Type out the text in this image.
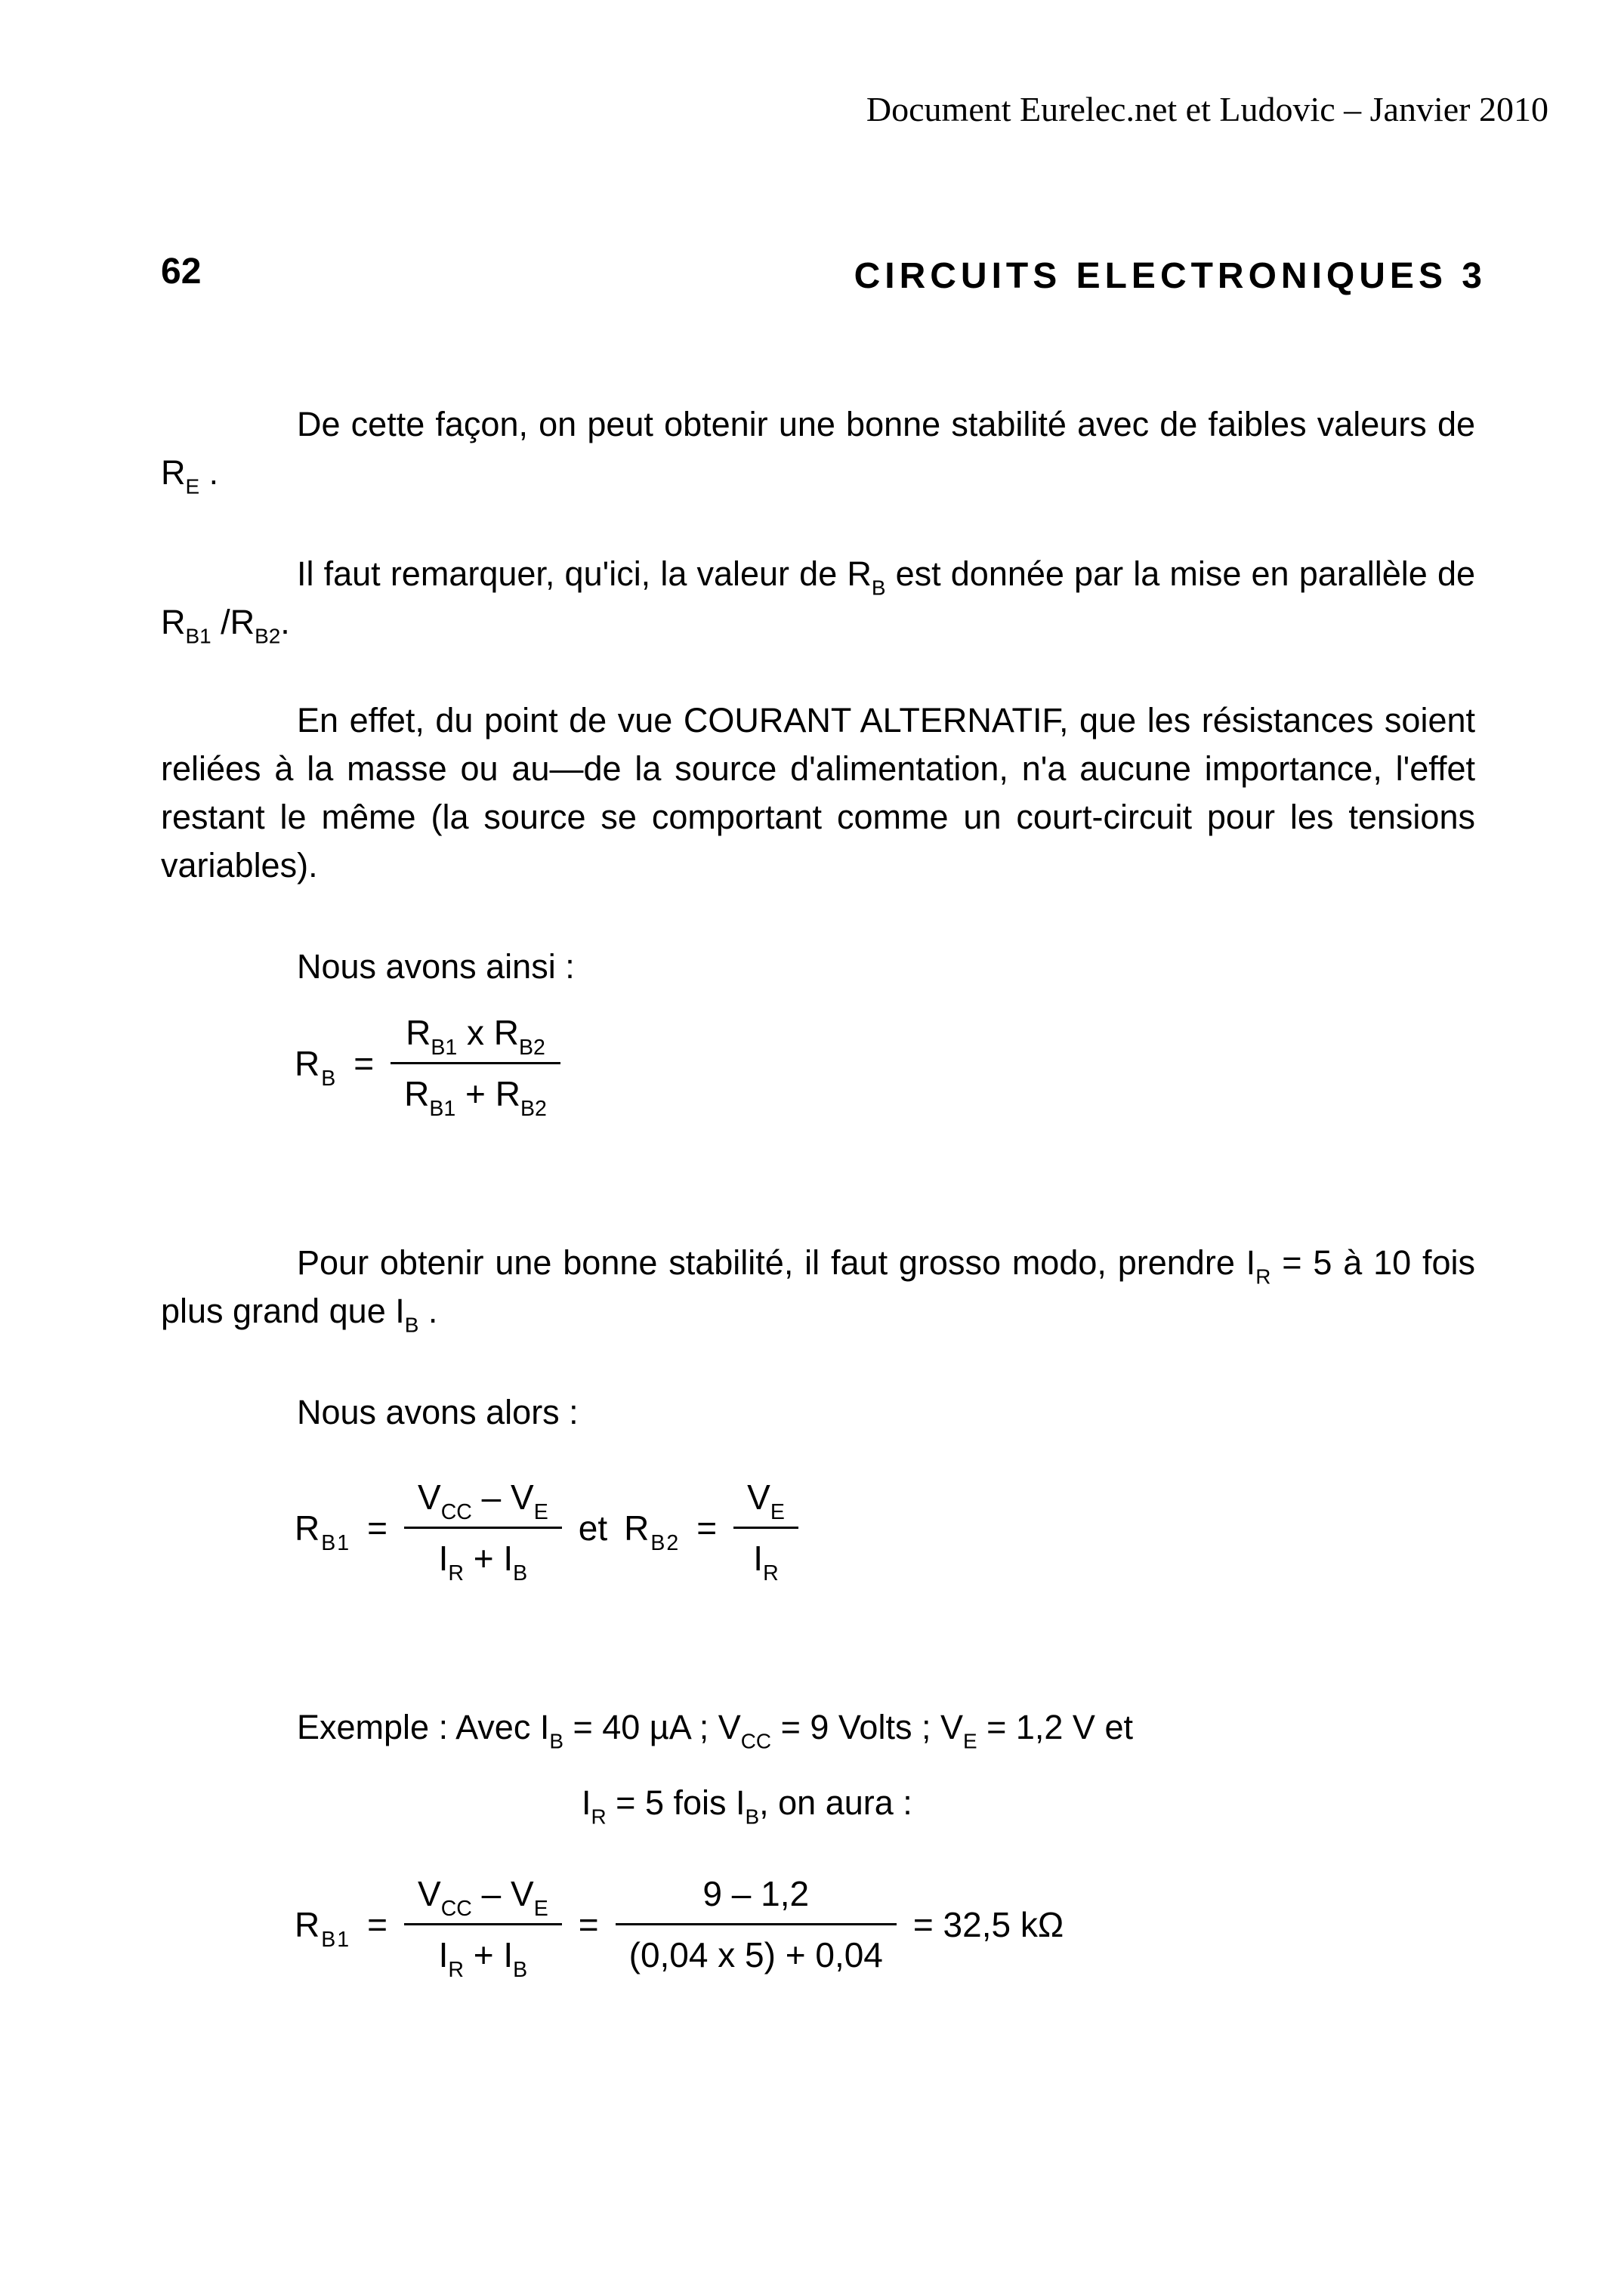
Document Eurelec.net et Ludovic – Janvier 2010
62	CIRCUITS ELECTRONIQUES 3

De cette façon, on peut obtenir une bonne stabilité avec de faibles valeurs de $R_E$ .

Il faut remarquer, qu'ici, la valeur de $R_B$ est donnée par la mise en parallèle de $R_{B1}$ $/R_{B2}$.

En effet, du point de vue COURANT ALTERNATIF, que les résistances soient reliées à la masse ou au—de la source d'alimentation, n'a aucune importance, l'effet restant le même (la source se comportant comme un court-circuit pour les tensions variables).

Nous avons ainsi :

$R_B = \frac{R_{B1} x R_{B2}}{R_{B1} + R_{B2}}$

Pour obtenir une bonne stabilité, il faut grosso modo, prendre $I_R = 5$ à 10 fois plus grand que $I_B$ .

Nous avons alors :

$R_{B1} = \frac{V_{CC} - V_E}{I_R + I_B}$ et $R_{B2} = \frac{V_E}{I_R}$

Exemple : Avec $I_B = 40$ µA ; $V_{CC} = 9$ Volts ; $V_E = 1,2$ V et

$I_R = 5$ fois $I_B$, on aura :

$R_{B1} = \frac{V_{CC} - V_E}{I_R + I_B} = \frac{9 - 1,2}{(0,04 x 5) + 0,04} = 32,5$ kΩ
